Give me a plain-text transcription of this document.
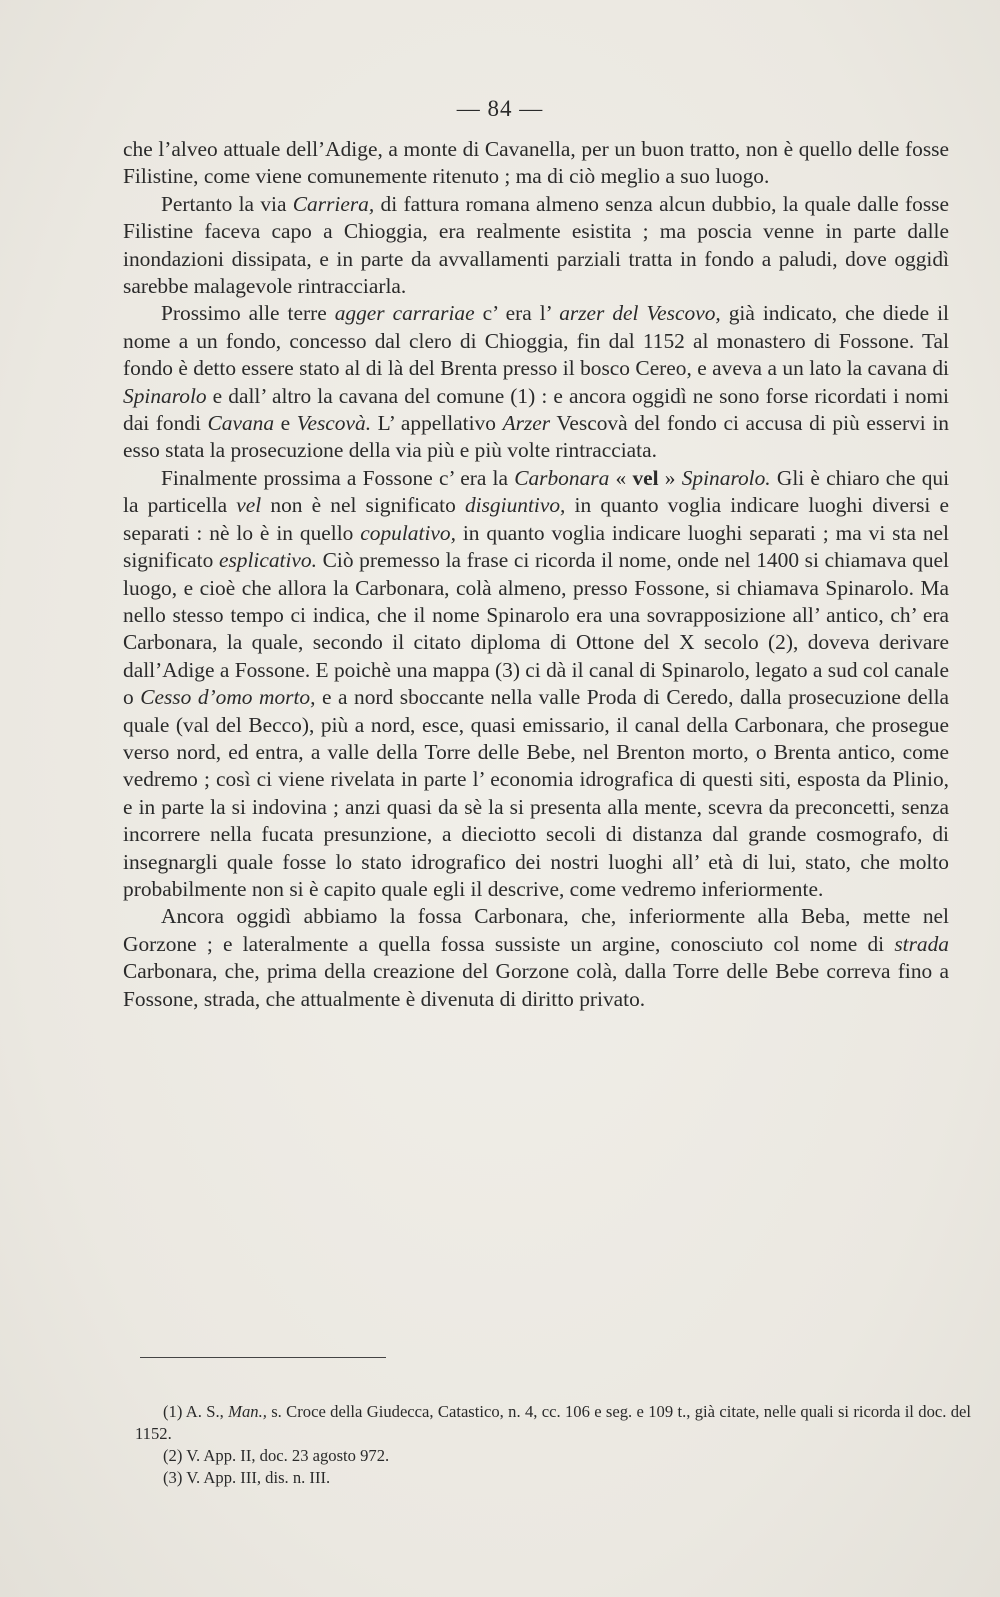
— 84 —

che l’alveo attuale dell’Adige, a monte di Cavanella, per un buon tratto, non è quello delle fosse Filistine, come viene comunemente ritenuto ; ma di ciò meglio a suo luogo.

Pertanto la via Carriera, di fattura romana almeno senza alcun dubbio, la quale dalle fosse Filistine faceva capo a Chioggia, era realmente esistita ; ma poscia venne in parte dalle inondazioni dissipata, e in parte da avvallamenti parziali tratta in fondo a paludi, dove oggidì sarebbe malagevole rintracciarla.

Prossimo alle terre agger carrariae c’ era l’ arzer del Vescovo, già indicato, che diede il nome a un fondo, concesso dal clero di Chioggia, fin dal 1152 al monastero di Fossone. Tal fondo è detto essere stato al di là del Brenta presso il bosco Cereo, e aveva a un lato la cavana di Spinarolo e dall’ altro la cavana del comune (1) : e ancora oggidì ne sono forse ricordati i nomi dai fondi Cavana e Vescovà. L’ appellativo Arzer Vescovà del fondo ci accusa di più esservi in esso stata la prosecuzione della via più e più volte rintracciata.

Finalmente prossima a Fossone c’ era la Carbonara « vel » Spinarolo. Gli è chiaro che qui la particella vel non è nel significato disgiuntivo, in quanto voglia indicare luoghi diversi e separati : nè lo è in quello copulativo, in quanto voglia indicare luoghi separati ; ma vi sta nel significato esplicativo. Ciò premesso la frase ci ricorda il nome, onde nel 1400 si chiamava quel luogo, e cioè che allora la Carbonara, colà almeno, presso Fossone, si chiamava Spinarolo. Ma nello stesso tempo ci indica, che il nome Spinarolo era una sovrapposizione all’ antico, ch’ era Carbonara, la quale, secondo il citato diploma di Ottone del X secolo (2), doveva derivare dall’Adige a Fossone. E poichè una mappa (3) ci dà il canal di Spinarolo, legato a sud col canale o Cesso d’omo morto, e a nord sboccante nella valle Proda di Ceredo, dalla prosecuzione della quale (val del Becco), più a nord, esce, quasi emissario, il canal della Carbonara, che prosegue verso nord, ed entra, a valle della Torre delle Bebe, nel Brenton morto, o Brenta antico, come vedremo ; così ci viene rivelata in parte l’ economia idrografica di questi siti, esposta da Plinio, e in parte la si indovina ; anzi quasi da sè la si presenta alla mente, scevra da preconcetti, senza incorrere nella fucata presunzione, a dieciotto secoli di distanza dal grande cosmografo, di insegnargli quale fosse lo stato idrografico dei nostri luoghi all’ età di lui, stato, che molto probabilmente non si è capito quale egli il descrive, come vedremo inferiormente.

Ancora oggidì abbiamo la fossa Carbonara, che, inferiormente alla Beba, mette nel Gorzone ; e lateralmente a quella fossa sussiste un argine, conosciuto col nome di strada Carbonara, che, prima della creazione del Gorzone colà, dalla Torre delle Bebe correva fino a Fossone, strada, che attualmente è divenuta di diritto privato.

(1) A. S., Man., s. Croce della Giudecca, Catastico, n. 4, cc. 106 e seg. e 109 t., già citate, nelle quali si ricorda il doc. del 1152.

(2) V. App. II, doc. 23 agosto 972.

(3) V. App. III, dis. n. III.
